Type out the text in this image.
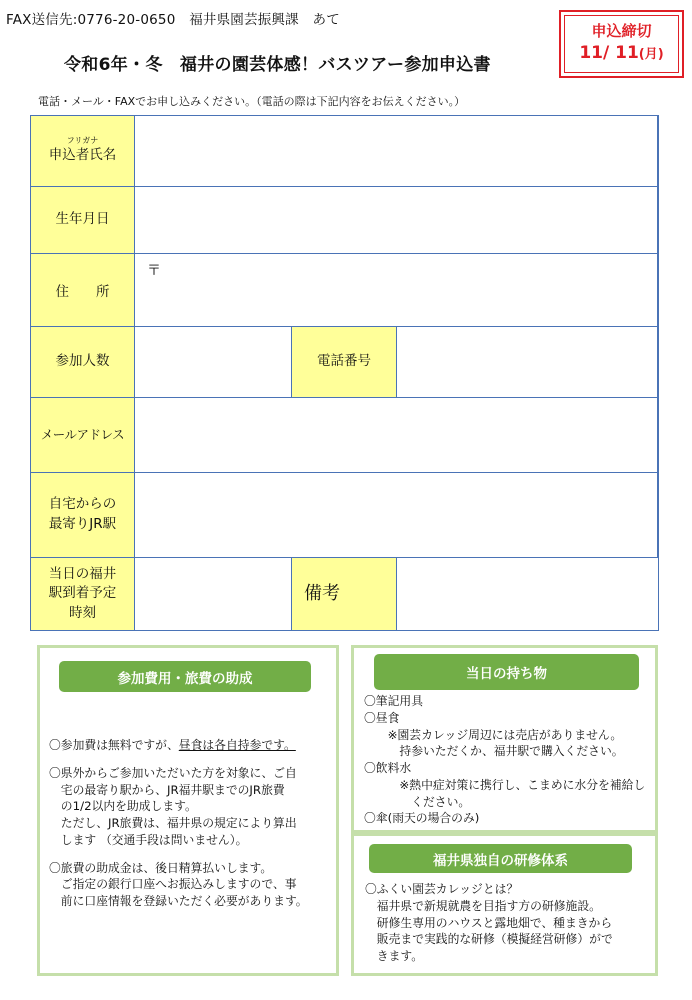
FAX送信先:0776-20-0650　福井県園芸振興課　あて
申込締切
11/ 11(月)
令和6年・冬　福井の園芸体感！バスツアー参加申込書
電話・メール・FAXでお申し込みください。（電話の際は下記内容をお伝えください。）
フリガナ
申込者氏名
生年月日
住　　所
〒
参加人数	電話番号
メールアドレス
自宅からの
最寄りJR駅
当日の福井
駅到着予定
時刻
備考
参加費用・旅費の助成

〇参加費は無料ですが、昼食は各自持参です。

〇県外からご参加いただいた方を対象に、ご自

　宅の最寄り駅から、JR福井駅までのJR旅費

　の1/2以内を助成します。

　ただし、JR旅費は、福井県の規定により算出

　します （交通手段は問いません）。

〇旅費の助成金は、後日精算払いします。

　ご指定の銀行口座へお振込みしますので、事

　前に口座情報を登録いただく必要があります。

当日の持ち物

〇筆記用具

〇昼食

　　※園芸カレッジ周辺には売店がありません。

　　　持参いただくか、福井駅で購入ください。

〇飲料水

　　　※熱中症対策に携行し、こまめに水分を補給し

　　　　ください。

〇傘(雨天の場合のみ)

福井県独自の研修体系

〇ふくい園芸カレッジとは？

　福井県で新規就農を目指す方の研修施設。

　研修生専用のハウスと露地畑で、種まきから

　販売まで実践的な研修（模擬経営研修）がで

　きます。
